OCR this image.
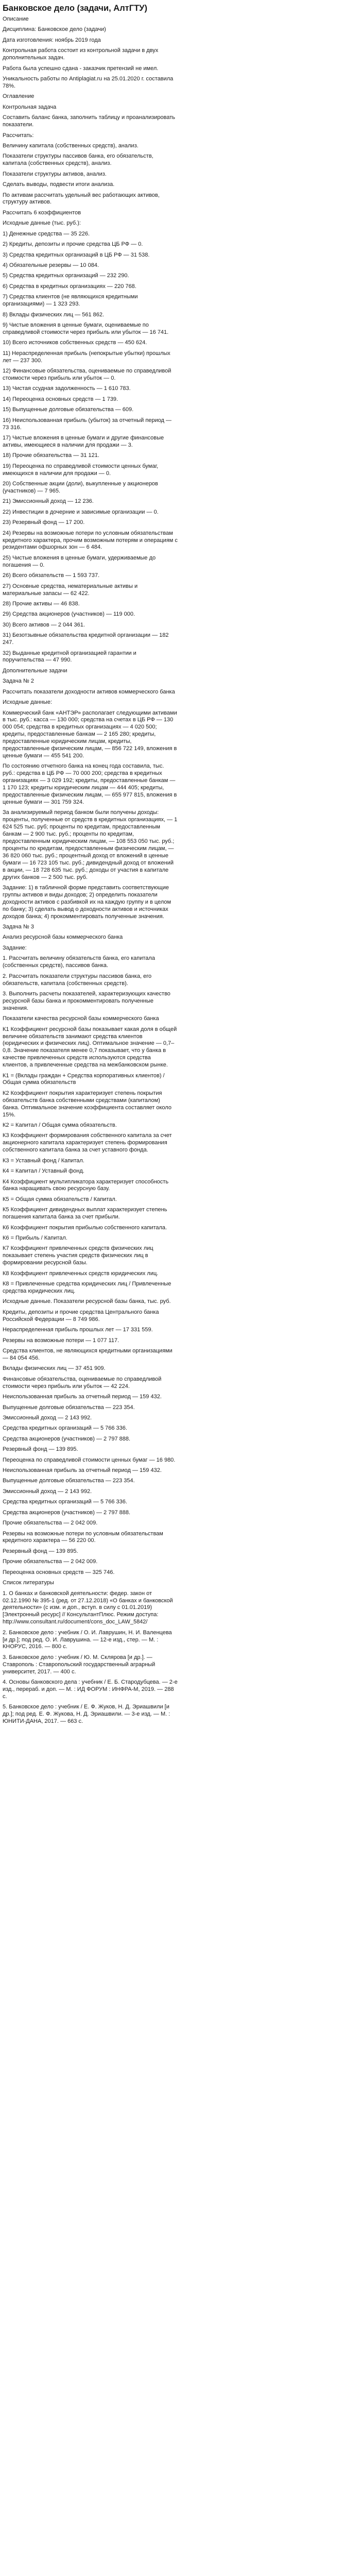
Банковское дело (задачи, АлтГТУ)

Описание

Дисциплина: Банковское дело (задачи)

Дата изготовления: ноябрь 2019 года

Контрольная работа состоит из контрольной задачи в двух дополнительных задач.

Работа была успешно сдана - заказчик претензий не имел.

Уникальность работы по Antiplagiat.ru на 25.01.2020 г. составила 78%.

Оглавление

Контрольная задача

Составить баланс банка, заполнить таблицу и проанализировать показатели.

Рассчитать:

Величину капитала (собственных средств), анализ.

Показатели структуры пассивов банка, его обязательств, капитала (собственных средств), анализ.

Показатели структуры активов, анализ.

Сделать выводы, подвести итоги анализа.

По активам рассчитать удельный вес работающих активов, структуру активов.

Рассчитать 6 коэффициентов

Исходные данные (тыс. руб.):

1) Денежные средства — 35 226.

2) Кредиты, депозиты и прочие средства ЦБ РФ — 0.

3) Средства кредитных организаций в ЦБ РФ — 31 538.

4) Обязательные резервы — 10 084.

5) Средства кредитных организаций — 232 290.

6) Средства в кредитных организациях — 220 768.

7) Средства клиентов (не являющихся кредитными организациями) — 1 323 293.

8) Вклады физических лиц — 561 862.

9) Чистые вложения в ценные бумаги, оцениваемые по справедливой стоимости через прибыль или убыток — 16 741.

10) Всего источников собственных средств — 450 624.

11) Нераспределенная прибыль (непокрытые убытки) прошлых лет — 237 300.

12) Финансовые обязательства, оцениваемые по справедливой стоимости через прибыль или убыток — 0.

13) Чистая ссудная задолженность — 1 610 783.

14) Переоценка основных средств — 1 739.

15) Выпущенные долговые обязательства — 609.

16) Неиспользованная прибыль (убыток) за отчетный период — 73 316.

17) Чистые вложения в ценные бумаги и другие финансовые активы, имеющиеся в наличии для продажи — 3.

18) Прочие обязательства — 31 121.

19) Переоценка по справедливой стоимости ценных бумаг, имеющихся в наличии для продажи — 0.

20) Собственные акции (доли), выкупленные у акционеров (участников) — 7 965.

21) Эмиссионный доход — 12 236.

22) Инвестиции в дочерние и зависимые организации — 0.

23) Резервный фонд — 17 200.

24) Резервы на возможные потери по условным обязательствам кредитного характера, прочим возможным потерям и операциям с резидентами офшорных зон — 6 484.

25) Чистые вложения в ценные бумаги, удерживаемые до погашения — 0.

26) Всего обязательств — 1 593 737.

27) Основные средства, нематериальные активы и материальные запасы — 62 422.

28) Прочие активы — 46 838.

29) Средства акционеров (участников) — 119 000.

30) Всего активов — 2 044 361.

31) Безотзывные обязательства кредитной организации — 182 247.

32) Выданные кредитной организацией гарантии и поручительства — 47 990.

Дополнительные задачи

Задача № 2

Рассчитать показатели доходности активов коммерческого банка

Исходные данные:

Коммерческий банк «АНТЭР» располагает следующими активами в тыс. руб.: касса — 130 000; средства на счетах в ЦБ РФ — 130 000 054; средства в кредитных организациях — 4 020 500; кредиты, предоставленные банкам — 2 165 280; кредиты, предоставленные юридическим лицам, кредиты, предоставленные физическим лицам, — 856 722 149, вложения в ценные бумаги — 455 541 200.

По состоянию отчетного банка на конец года составила, тыс. руб.: средства в ЦБ РФ — 70 000 200; средства в кредитных организациях — 3 029 192; кредиты, предоставленные банкам — 1 170 123; кредиты юридическим лицам — 444 405; кредиты, предоставленные физическим лицам, — 655 977 815, вложения в ценные бумаги — 301 759 324.

За анализируемый период банком были получены доходы: проценты, полученные от средств в кредитных организациях, — 1 624 525 тыс. руб; проценты по кредитам, предоставленным банкам — 2 900 тыс. руб.; проценты по кредитам, предоставленным юридическим лицам, — 108 553 050 тыс. руб.; проценты по кредитам, предоставленным физическим лицам, — 36 820 060 тыс. руб.; процентный доход от вложений в ценные бумаги — 16 723 105 тыс. руб.; дивидендный доход от вложений в акции, — 18 728 635 тыс. руб.; доходы от участия в капитале других банков — 2 500 тыс. руб.

Задание: 1) в табличной форме представить соответствующие группы активов и виды доходов; 2) определить показатели доходности активов с разбивкой их на каждую группу и в целом по банку; 3) сделать вывод о доходности активов и источниках доходов банка; 4) прокомментировать полученные значения.

Задача № 3

Анализ ресурсной базы коммерческого банка

Задание:

1. Рассчитать величину обязательств банка, его капитала (собственных средств), пассивов банка.

2. Рассчитать показатели структуры пассивов банка, его обязательств, капитала (собственных средств).

3. Выполнить расчеты показателей, характеризующих качество ресурсной базы банка и прокомментировать полученные значения.

Показатели качества ресурсной базы коммерческого банка

К1 Коэффициент ресурсной базы показывает какая доля в общей величине обязательств занимают средства клиентов (юридических и физических лиц). Оптимальное значение — 0,7–0,8. Значение показателя менее 0,7 показывает, что у банка в качестве привлеченных средств используются средства клиентов, а привлеченные средства на межбанковском рынке.

К1 = (Вклады граждан + Средства корпоративных клиентов) / Общая сумма обязательств

К2 Коэффициент покрытия характеризует степень покрытия обязательств банка собственными средствами (капиталом) банка. Оптимальное значение коэффициента составляет около 15%.

К2 = Капитал / Общая сумма обязательств.

К3 Коэффициент формирования собственного капитала за счет акционерного капитала характеризует степень формирования собственного капитала банка за счет уставного фонда.

К3 = Уставный фонд / Капитал.

К4 = Капитал / Уставный фонд.

К4 Коэффициент мультипликатора характеризует способность банка наращивать свою ресурсную базу.

К5 = Общая сумма обязательств / Капитал.

К5 Коэффициент дивидендных выплат характеризует степень погашения капитала банка за счет прибыли.

К6 Коэффициент покрытия прибылью собственного капитала.

К6 = Прибыль / Капитал.

К7 Коэффициент привлеченных средств физических лиц показывает степень участия средств физических лиц в формировании ресурсной базы.

К8 Коэффициент привлеченных средств юридических лиц.

К8 = Привлеченные средства юридических лиц / Привлеченные средства юридических лиц.

Исходные данные. Показатели ресурсной базы банка, тыс. руб.

Кредиты, депозиты и прочие средства Центрального банка Российской Федерации — 8 749 986.

Нераспределенная прибыль прошлых лет — 17 331 559.

Резервы на возможные потери — 1 077 117.

Средства клиентов, не являющихся кредитными организациями — 84 054 456.

Вклады физических лиц — 37 451 909.

Финансовые обязательства, оцениваемые по справедливой стоимости через прибыль или убыток — 42 224.

Неиспользованная прибыль за отчетный период — 159 432.

Выпущенные долговые обязательства — 223 354.

Эмиссионный доход — 2 143 992.

Средства кредитных организаций — 5 766 336.

Средства акционеров (участников) — 2 797 888.

Резервный фонд — 139 895.

Переоценка по справедливой стоимости ценных бумаг — 16 980.

Неиспользованная прибыль за отчетный период — 159 432.

Выпущенные долговые обязательства — 223 354.

Эмиссионный доход — 2 143 992.

Средства кредитных организаций — 5 766 336.

Средства акционеров (участников) — 2 797 888.

Прочие обязательства — 2 042 009.

Резервы на возможные потери по условным обязательствам кредитного характера — 56 220 00.

Резервный фонд — 139 895.

Прочие обязательства — 2 042 009.

Переоценка основных средств — 325 746.

Список литературы

1. О банках и банковской деятельности: федер. закон от 02.12.1990 № 395-1 (ред. от 27.12.2018) «О банках и банковской деятельности» (с изм. и доп., вступ. в силу с 01.01.2019) [Электронный ресурс] // КонсультантПлюс. Режим доступа: http://www.consultant.ru/document/cons_doc_LAW_5842/

2. Банковское дело : учебник / О. И. Лаврушин, Н. И. Валенцева [и др.]; под ред. О. И. Лаврушина. — 12-е изд., стер. — М. : КНОРУС, 2016. — 800 с.

3. Банковское дело : учебник / Ю. М. Склярова [и др.]. — Ставрополь : Ставропольский государственный аграрный университет, 2017. — 400 с.

4. Основы банковского дела : учебник / Е. Б. Стародубцева. — 2-е изд., перераб. и доп. — М. : ИД ФОРУМ : ИНФРА-М, 2019. — 288 с.

5. Банковское дело : учебник / Е. Ф. Жуков, Н. Д. Эриашвили [и др.]; под ред. Е. Ф. Жукова, Н. Д. Эриашвили. — 3-е изд. — М. : ЮНИТИ-ДАНА, 2017. — 663 с.
